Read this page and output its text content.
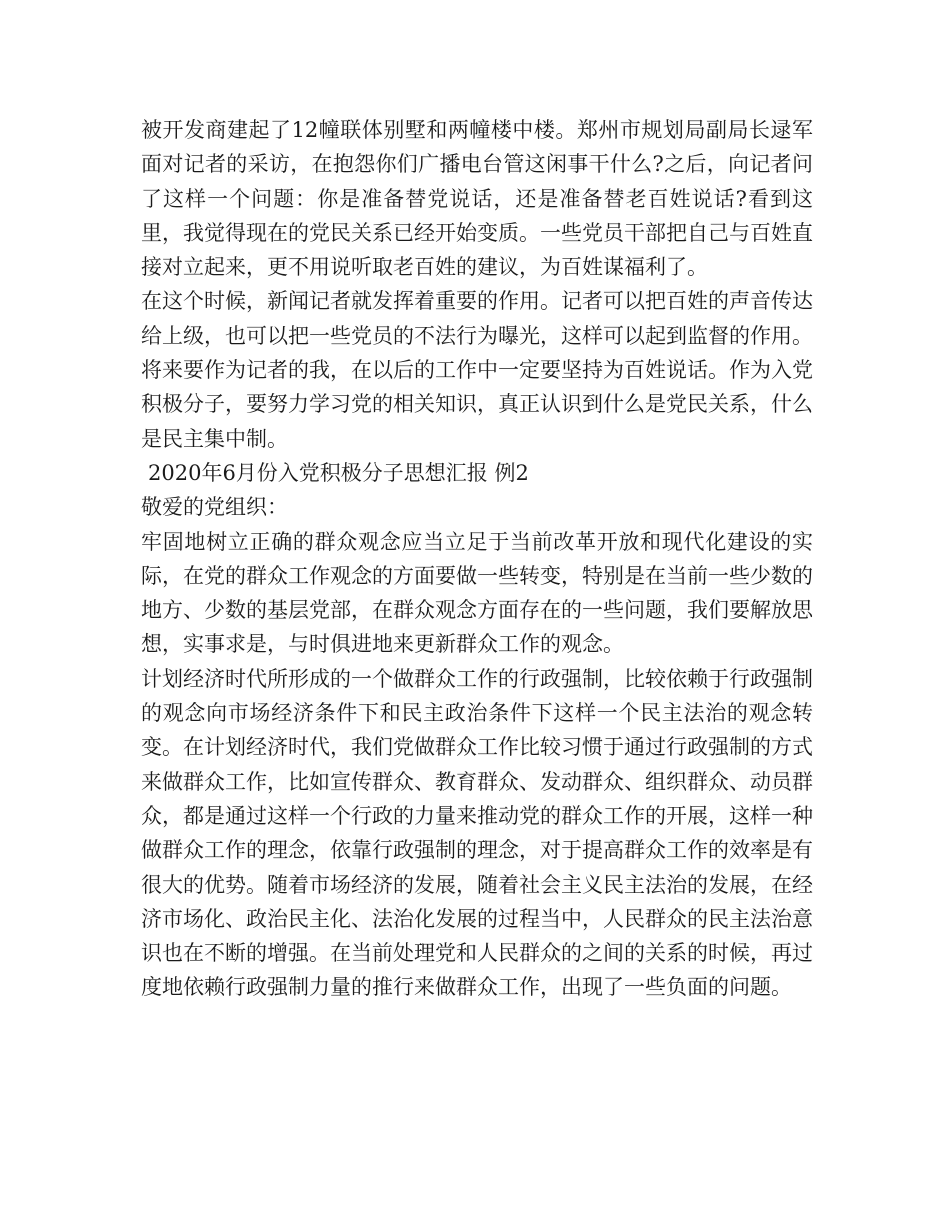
被开发商建起了12幢联体别墅和两幢楼中楼。郑州市规划局副局长逯军面对记者的采访，在抱怨你们广播电台管这闲事干什么?之后，向记者问了这样一个问题：你是准备替党说话，还是准备替老百姓说话?看到这里，我觉得现在的党民关系已经开始变质。一些党员干部把自己与百姓直接对立起来，更不用说听取老百姓的建议，为百姓谋福利了。

在这个时候，新闻记者就发挥着重要的作用。记者可以把百姓的声音传达给上级，也可以把一些党员的不法行为曝光，这样可以起到监督的作用。将来要作为记者的我，在以后的工作中一定要坚持为百姓说话。作为入党积极分子，要努力学习党的相关知识，真正认识到什么是党民关系，什么是民主集中制。

2020年6月份入党积极分子思想汇报 例2

敬爱的党组织：

牢固地树立正确的群众观念应当立足于当前改革开放和现代化建设的实际，在党的群众工作观念的方面要做一些转变，特别是在当前一些少数的地方、少数的基层党部，在群众观念方面存在的一些问题，我们要解放思想，实事求是，与时俱进地来更新群众工作的观念。

计划经济时代所形成的一个做群众工作的行政强制，比较依赖于行政强制的观念向市场经济条件下和民主政治条件下这样一个民主法治的观念转变。在计划经济时代，我们党做群众工作比较习惯于通过行政强制的方式来做群众工作，比如宣传群众、教育群众、发动群众、组织群众、动员群众，都是通过这样一个行政的力量来推动党的群众工作的开展，这样一种做群众工作的理念，依靠行政强制的理念，对于提高群众工作的效率是有很大的优势。随着市场经济的发展，随着社会主义民主法治的发展，在经济市场化、政治民主化、法治化发展的过程当中，人民群众的民主法治意识也在不断的增强。在当前处理党和人民群众的之间的关系的时候，再过度地依赖行政强制力量的推行来做群众工作，出现了一些负面的问题。
